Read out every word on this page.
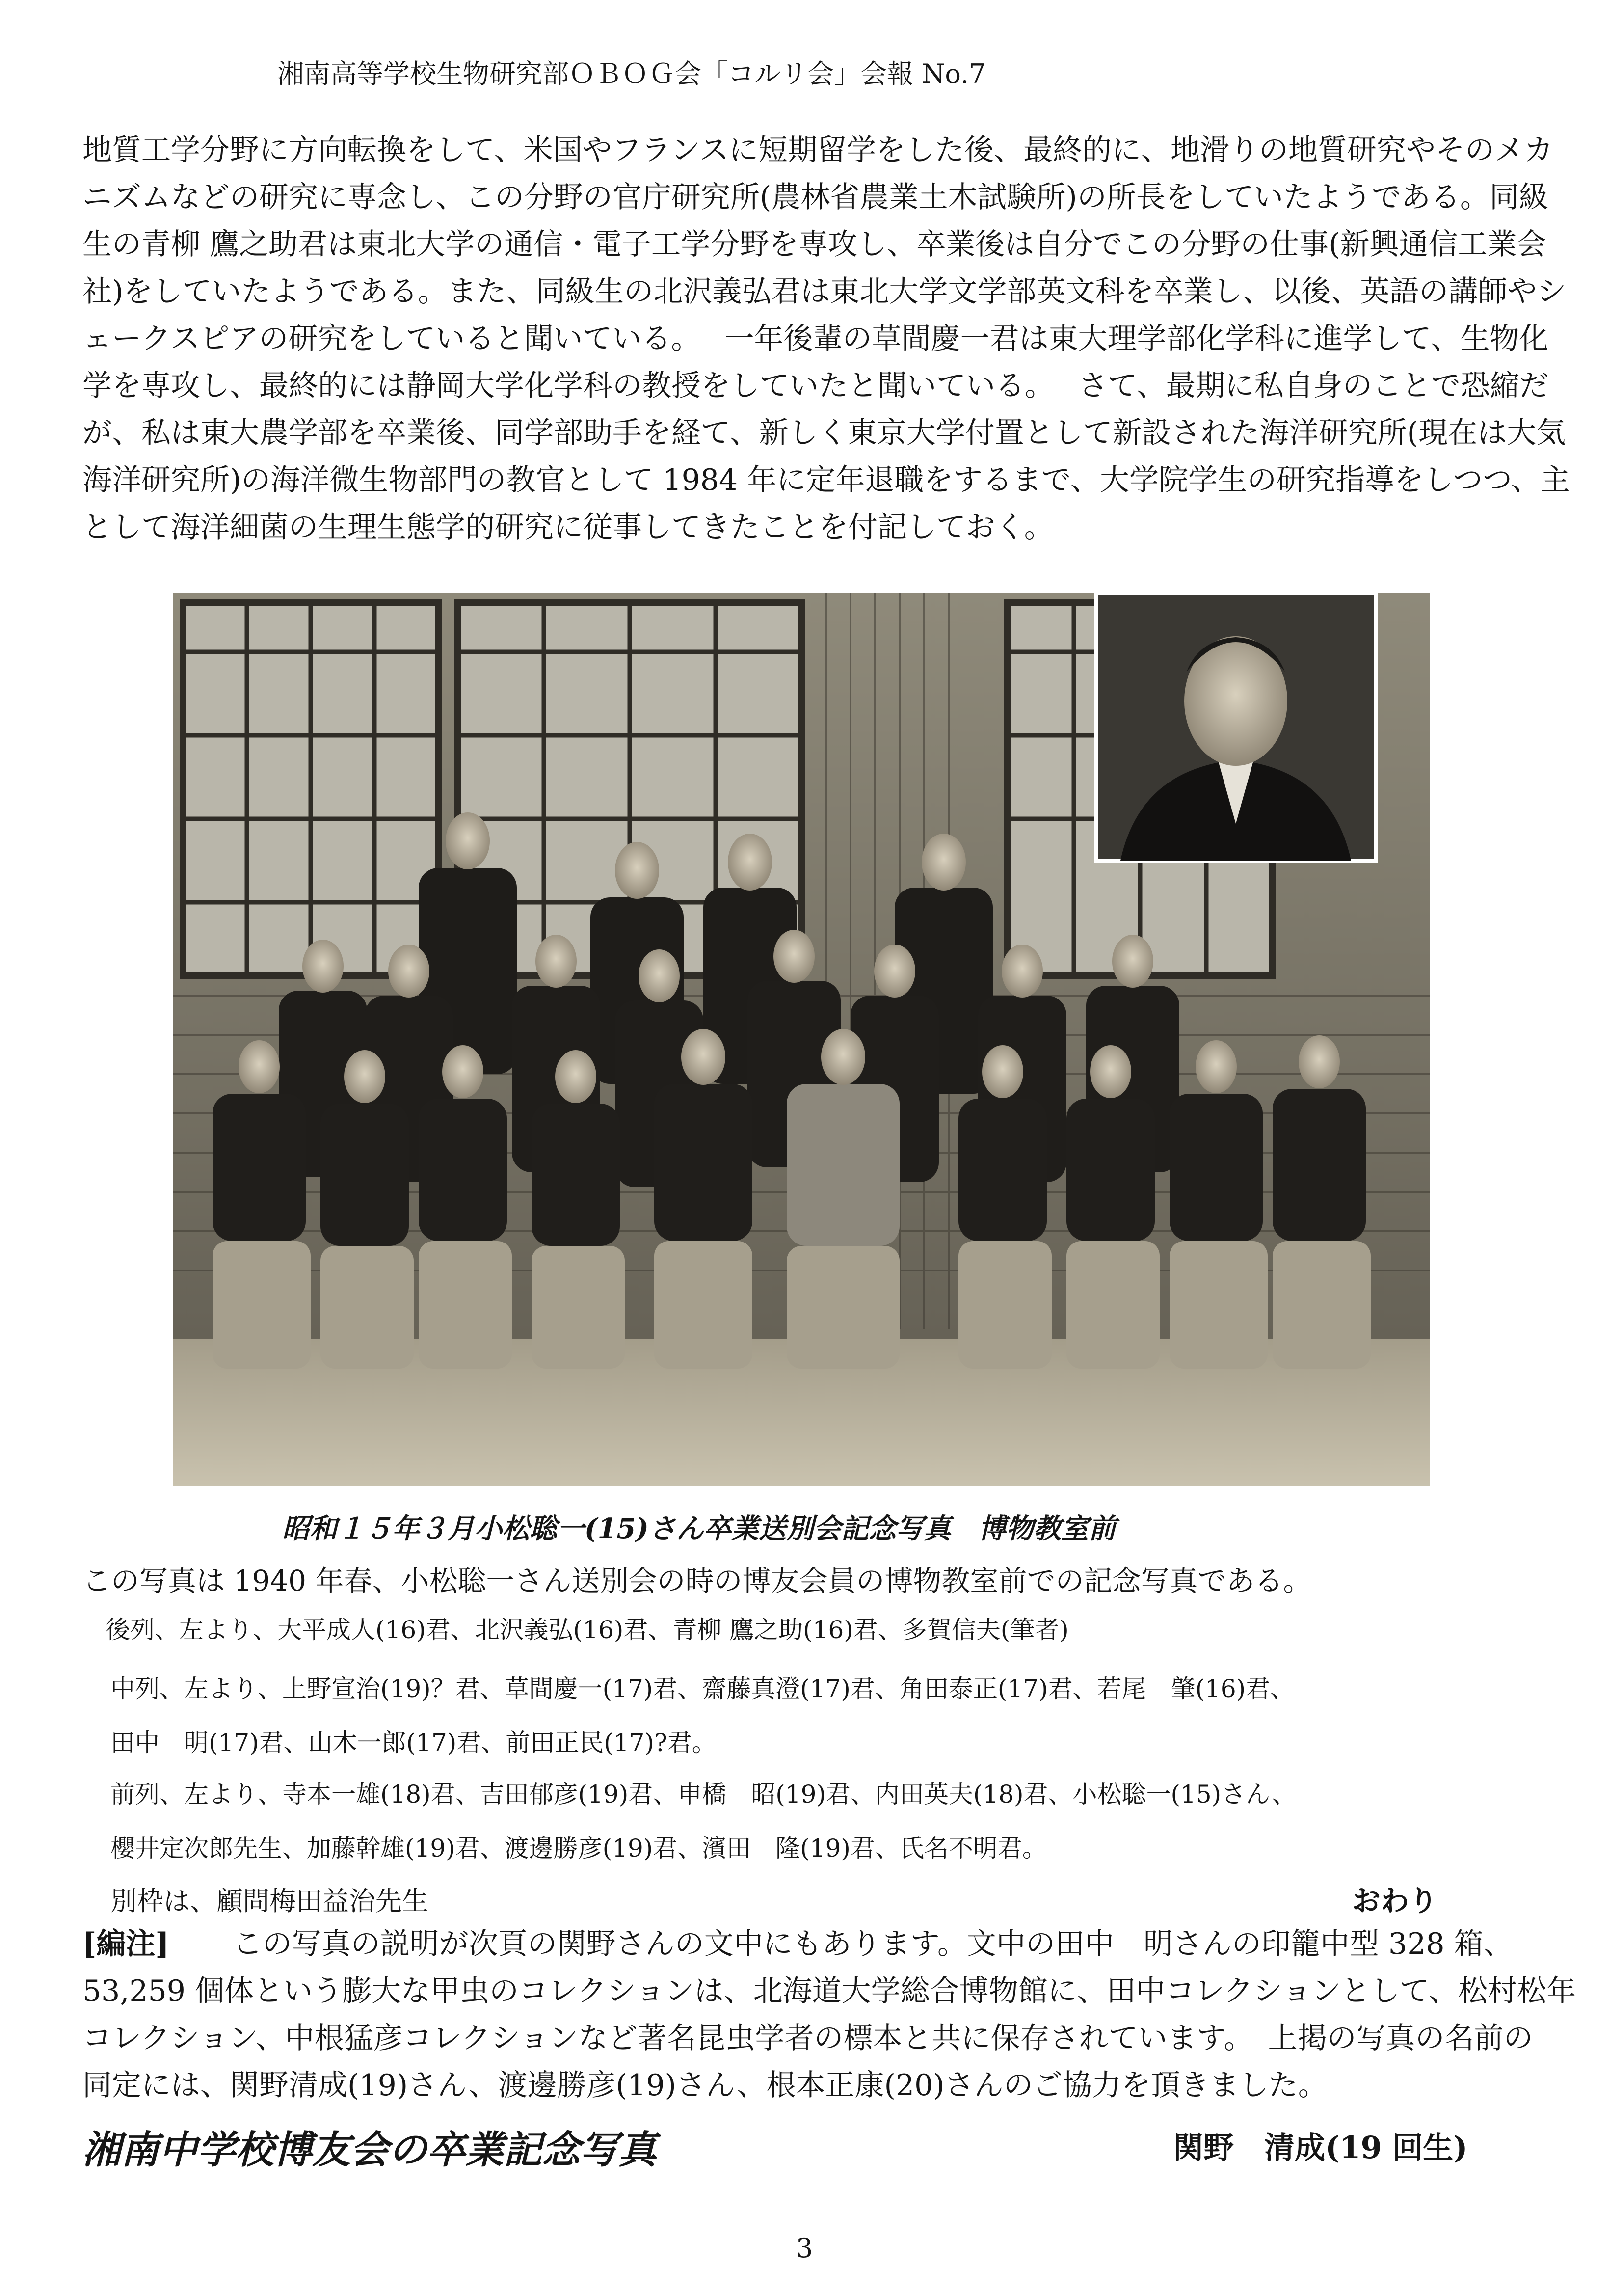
湘南高等学校生物研究部ＯＢＯＧ会「コルリ会」会報 No.7
地質工学分野に方向転換をして、米国やフランスに短期留学をした後、最終的に、地滑りの地質研究やそのメカ
ニズムなどの研究に専念し、この分野の官庁研究所(農林省農業土木試験所)の所長をしていたようである。同級
生の青柳 鷹之助君は東北大学の通信・電子工学分野を専攻し、卒業後は自分でこの分野の仕事(新興通信工業会
社)をしていたようである。また、同級生の北沢義弘君は東北大学文学部英文科を卒業し、以後、英語の講師やシ
ェークスピアの研究をしていると聞いている。　 一年後輩の草間慶一君は東大理学部化学科に進学して、生物化
学を専攻し、最終的には静岡大学化学科の教授をしていたと聞いている。　 さて、最期に私自身のことで恐縮だ
が、私は東大農学部を卒業後、同学部助手を経て、新しく東京大学付置として新設された海洋研究所(現在は大気
海洋研究所)の海洋微生物部門の教官として 1984 年に定年退職をするまで、大学院学生の研究指導をしつつ、主
として海洋細菌の生理生態学的研究に従事してきたことを付記しておく。
昭和１５年３月小松聡一(15)さん卒業送別会記念写真　博物教室前
この写真は 1940 年春、小松聡一さん送別会の時の博友会員の博物教室前での記念写真である。
後列、左より、大平成人(16)君、北沢義弘(16)君、青柳 鷹之助(16)君、多賀信夫(筆者)
中列、左より、上野宣治(19)？君、草間慶一(17)君、齋藤真澄(17)君、角田泰正(17)君、若尾　肇(16)君、
田中　明(17)君、山木一郎(17)君、前田正民(17)?君。
前列、左より、寺本一雄(18)君、吉田郁彦(19)君、申橋　昭(19)君、内田英夫(18)君、小松聡一(15)さん、
櫻井定次郎先生、加藤幹雄(19)君、渡邊勝彦(19)君、濱田　隆(19)君、氏名不明君。
別枠は、顧問梅田益治先生	おわり
[編注] この写真の説明が次頁の関野さんの文中にもあります。文中の田中　明さんの印籠中型 328 箱、
53,259 個体という膨大な甲虫のコレクションは、北海道大学総合博物館に、田中コレクションとして、松村松年
コレクション、中根猛彦コレクションなど著名昆虫学者の標本と共に保存されています。　上掲の写真の名前の
同定には、関野清成(19)さん、渡邊勝彦(19)さん、根本正康(20)さんのご協力を頂きました。
湘南中学校博友会の卒業記念写真	関野　清成(19 回生)
3
